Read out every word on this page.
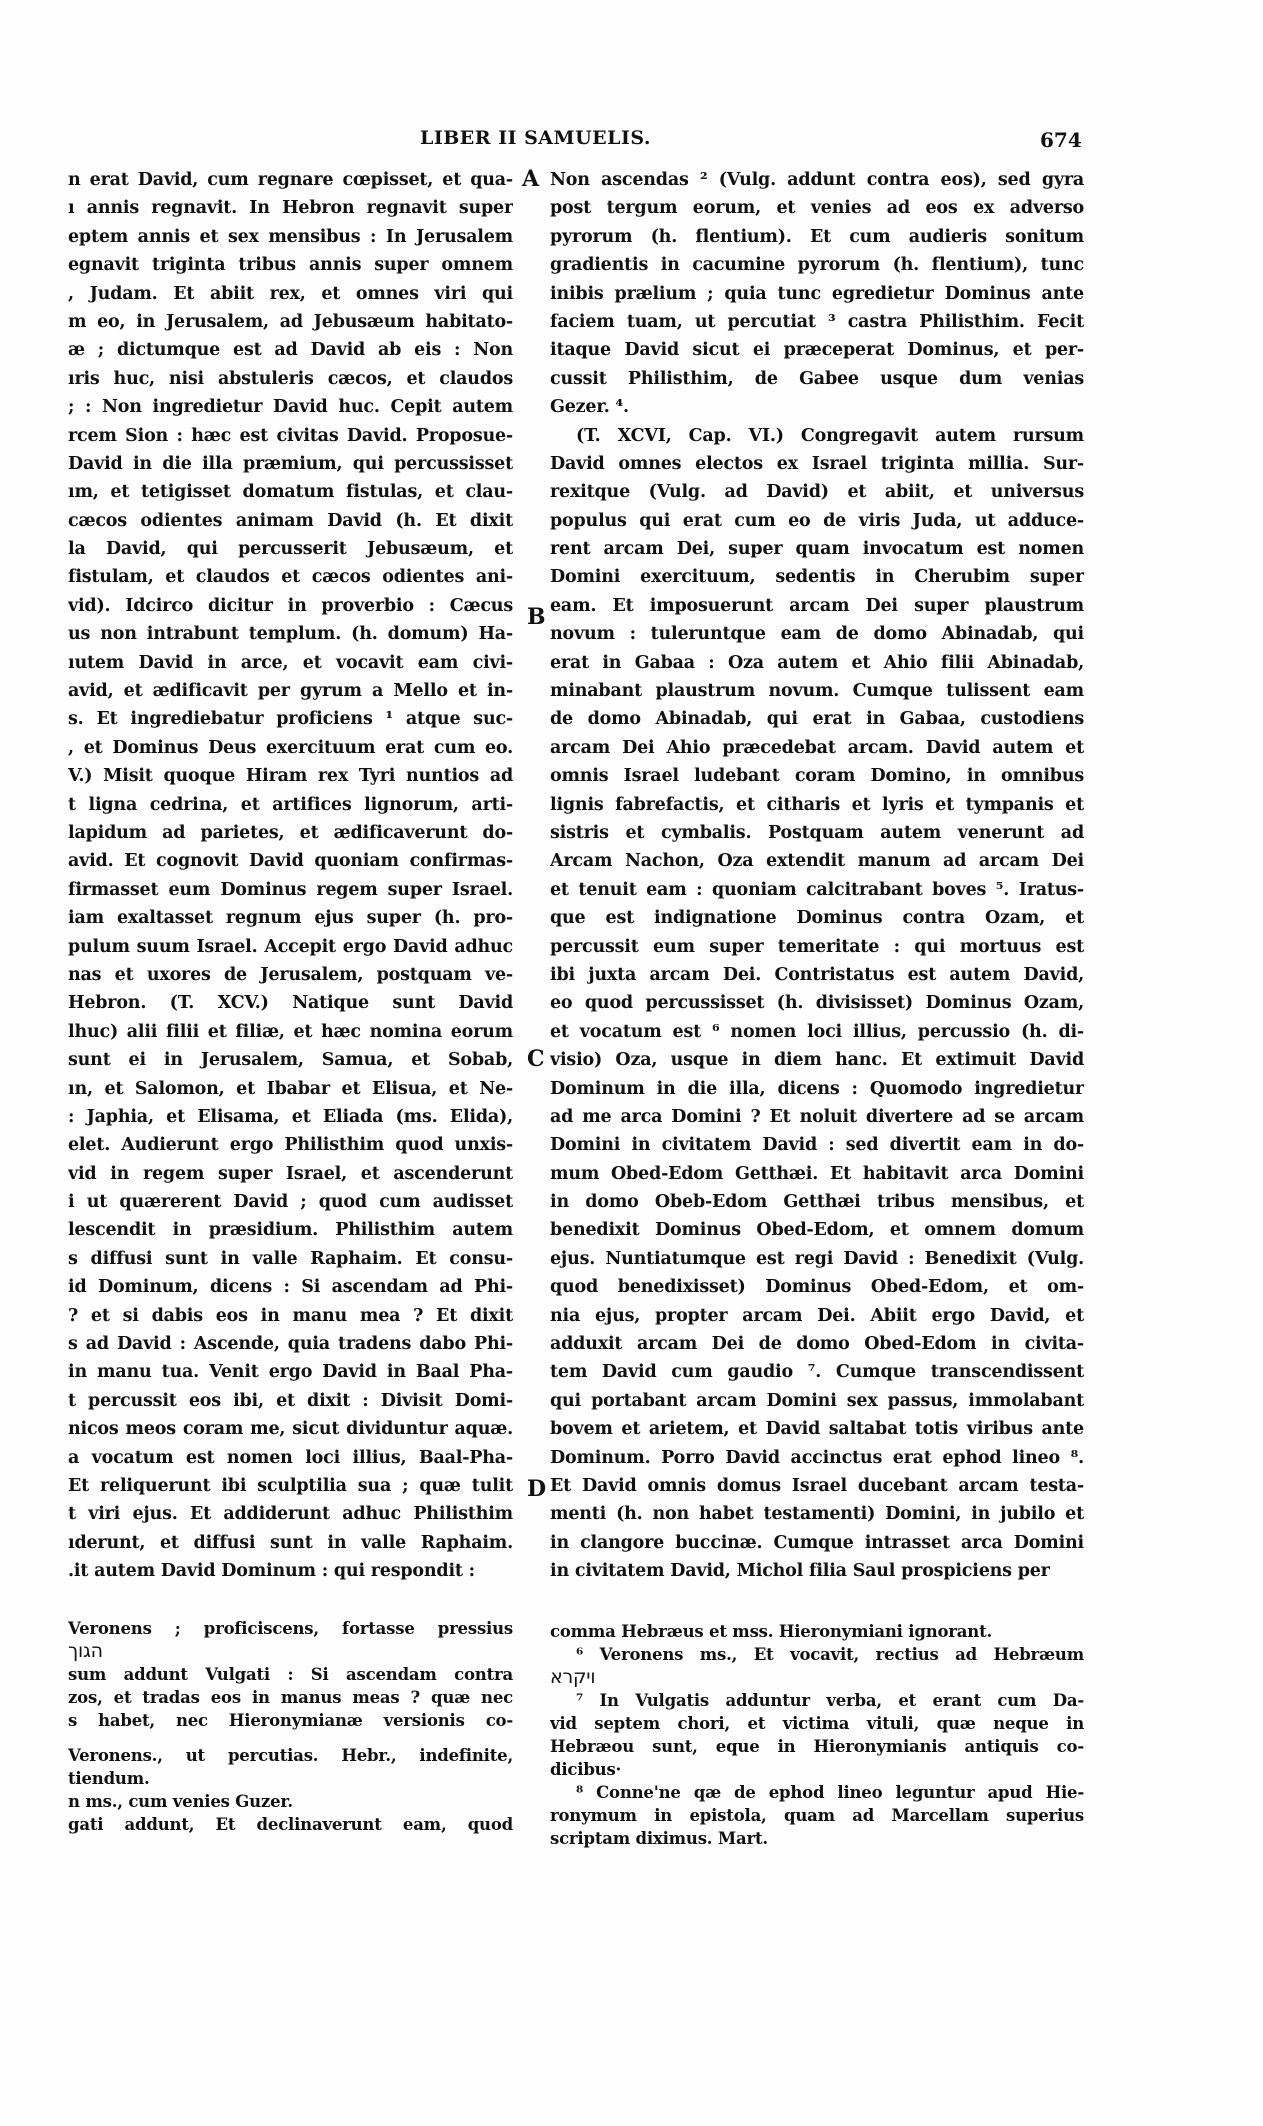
LIBER II SAMUELIS.	674
A
B
C
D
n erat David, cum regnare cœpisset, et qua-
ı annis regnavit. In Hebron regnavit super
eptem annis et sex mensibus : In Jerusalem
egnavit triginta tribus annis super omnem
, Judam. Et abiit rex, et omnes viri qui
m eo, in Jerusalem, ad Jebusæum habitato-
æ ; dictumque est ad David ab eis : Non
ıris huc, nisi abstuleris cæcos, et claudos
; : Non ingredietur David huc. Cepit autem
rcem Sion : hæc est civitas David. Proposue-
David in die illa præmium, qui percussisset
ım, et tetigisset domatum fistulas, et clau-
cæcos odientes animam David (h. Et dixit
la David, qui percusserit Jebusæum, et
fistulam, et claudos et cæcos odientes ani-
vid). Idcirco dicitur in proverbio : Cæcus
us non intrabunt templum. (h. domum) Ha-
ıutem David in arce, et vocavit eam civi-
avid, et ædificavit per gyrum a Mello et in-
s. Et ingrediebatur proficiens ¹ atque suc-
, et Dominus Deus exercituum erat cum eo.
V.) Misit quoque Hiram rex Tyri nuntios ad
t ligna cedrina, et artifices lignorum, arti-
lapidum ad parietes, et ædificaverunt do-
avid. Et cognovit David quoniam confirmas-
firmasset eum Dominus regem super Israel.
iam exaltasset regnum ejus super (h. pro-
pulum suum Israel. Accepit ergo David adhuc
nas et uxores de Jerusalem, postquam ve-
Hebron. (T. XCV.) Natique sunt David
lhuc) alii filii et filiæ, et hæc nomina eorum
sunt ei in Jerusalem, Samua, et Sobab,
ın, et Salomon, et Ibabar et Elisua, et Ne-
: Japhia, et Elisama, et Eliada (ms. Elida),
elet. Audierunt ergo Philisthim quod unxis-
vid in regem super Israel, et ascenderunt
i ut quærerent David ; quod cum audisset
lescendit in præsidium. Philisthim autem
s diffusi sunt in valle Raphaim. Et consu-
id Dominum, dicens : Si ascendam ad Phi-
? et si dabis eos in manu mea ? Et dixit
s ad David : Ascende, quia tradens dabo Phi-
in manu tua. Venit ergo David in Baal Pha-
t percussit eos ibi, et dixit : Divisit Domi-
nicos meos coram me, sicut dividuntur aquæ.
a vocatum est nomen loci illius, Baal-Pha-
Et reliquerunt ibi sculptilia sua ; quæ tulit
t viri ejus. Et addiderunt adhuc Philisthim
ıderunt, et diffusi sunt in valle Raphaim.
.it autem David Dominum : qui respondit :
Non ascendas ² (Vulg. addunt contra eos), sed gyra
post tergum eorum, et venies ad eos ex adverso
pyrorum (h. flentium). Et cum audieris sonitum
gradientis in cacumine pyrorum (h. flentium), tunc
inibis prælium ; quia tunc egredietur Dominus ante
faciem tuam, ut percutiat ³ castra Philisthim. Fecit
itaque David sicut ei præceperat Dominus, et per-
cussit Philisthim, de Gabee usque dum venias
Gezer. ⁴.
(T. XCVI, Cap. VI.) Congregavit autem rursum
David omnes electos ex Israel triginta millia. Sur-
rexitque (Vulg. ad David) et abiit, et universus
populus qui erat cum eo de viris Juda, ut adduce-
rent arcam Dei, super quam invocatum est nomen
Domini exercituum, sedentis in Cherubim super
eam. Et imposuerunt arcam Dei super plaustrum
novum : tuleruntque eam de domo Abinadab, qui
erat in Gabaa : Oza autem et Ahio filii Abinadab,
minabant plaustrum novum. Cumque tulissent eam
de domo Abinadab, qui erat in Gabaa, custodiens
arcam Dei Ahio præcedebat arcam. David autem et
omnis Israel ludebant coram Domino, in omnibus
lignis fabrefactis, et citharis et lyris et tympanis et
sistris et cymbalis. Postquam autem venerunt ad
Arcam Nachon, Oza extendit manum ad arcam Dei
et tenuit eam : quoniam calcitrabant boves ⁵. Iratus-
que est indignatione Dominus contra Ozam, et
percussit eum super temeritate : qui mortuus est
ibi juxta arcam Dei. Contristatus est autem David,
eo quod percussisset (h. divisisset) Dominus Ozam,
et vocatum est ⁶ nomen loci illius, percussio (h. di-
visio) Oza, usque in diem hanc. Et extimuit David
Dominum in die illa, dicens : Quomodo ingredietur
ad me arca Domini ? Et noluit divertere ad se arcam
Domini in civitatem David : sed divertit eam in do-
mum Obed-Edom Getthæi. Et habitavit arca Domini
in domo Obeb-Edom Getthæi tribus mensibus, et
benedixit Dominus Obed-Edom, et omnem domum
ejus. Nuntiatumque est regi David : Benedixit (Vulg.
quod benedixisset) Dominus Obed-Edom, et om-
nia ejus, propter arcam Dei. Abiit ergo David, et
adduxit arcam Dei de domo Obed-Edom in civita-
tem David cum gaudio ⁷. Cumque transcendissent
qui portabant arcam Domini sex passus, immolabant
bovem et arietem, et David saltabat totis viribus ante
Dominum. Porro David accinctus erat ephod lineo ⁸.
Et David omnis domus Israel ducebant arcam testa-
menti (h. non habet testamenti) Domini, in jubilo et
in clangore buccinæ. Cumque intrasset arca Domini
in civitatem David, Michol filia Saul prospiciens per
Veronens ; proficiscens, fortasse pressius
הגוך
sum addunt Vulgati : Si ascendam contra
zos, et tradas eos in manus meas ? quæ nec
s habet, nec Hieronymianæ versionis co-
Veronens., ut percutias. Hebr., indefinite,
tiendum.
n ms., cum venies Guzer.
gati addunt, Et declinaverunt eam, quod
comma Hebræus et mss. Hieronymiani ignorant.
⁶ Veronens ms., Et vocavit, rectius ad Hebræum
ויקרא
⁷ In Vulgatis adduntur verba, et erant cum Da-
vid septem chori, et victima vituli, quæ neque in
Hebræou sunt, eque in Hieronymianis antiquis co-
dicibus·
⁸ Conne'ne qæ de ephod lineo leguntur apud Hie-
ronymum in epistola, quam ad Marcellam superius
scriptam diximus. Mart.
